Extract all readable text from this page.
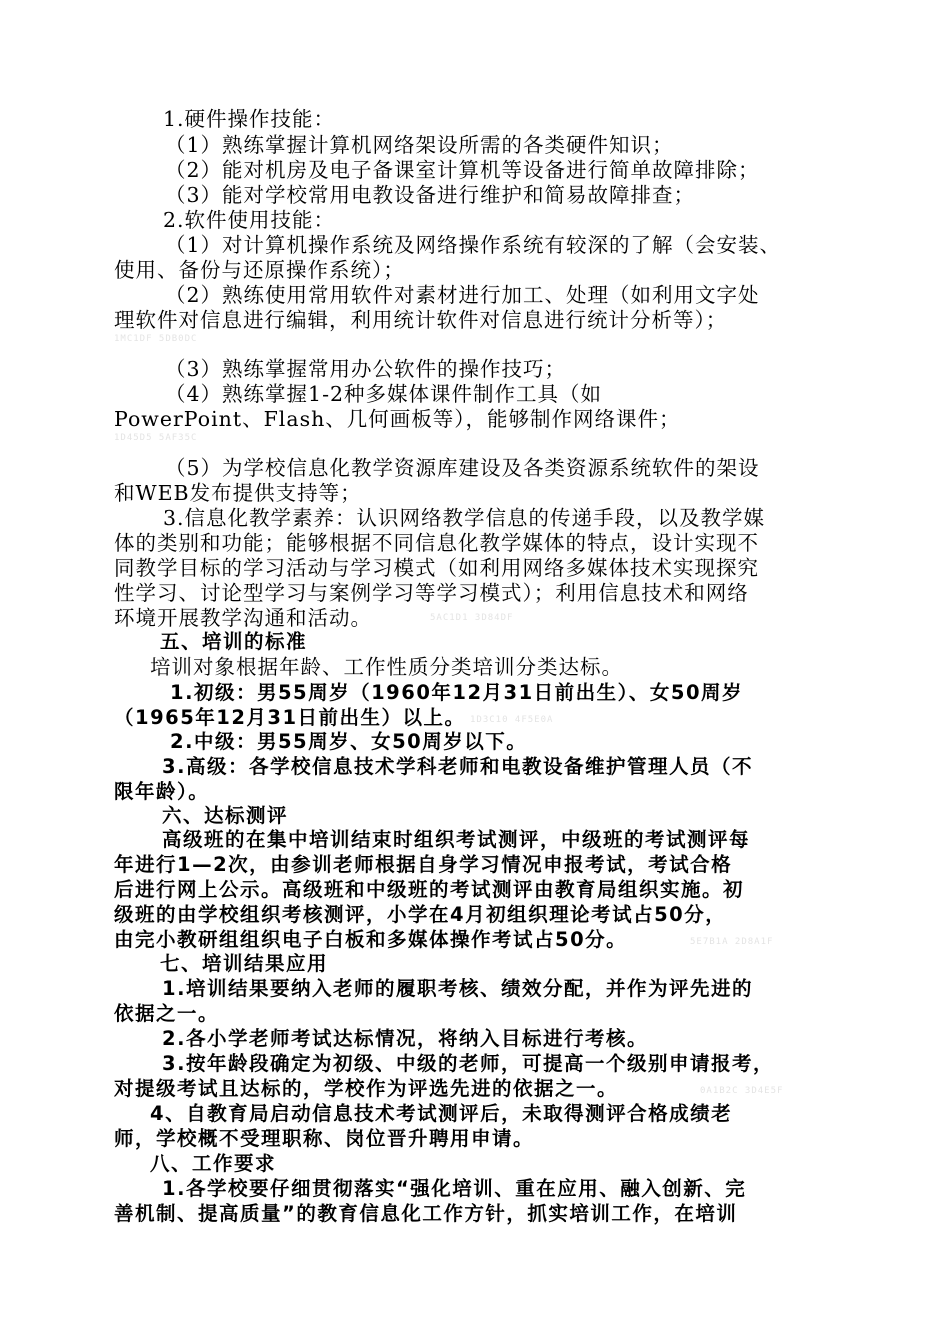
1.硬件操作技能：
（1）熟练掌握计算机网络架设所需的各类硬件知识；
（2）能对机房及电子备课室计算机等设备进行简单故障排除；
（3）能对学校常用电教设备进行维护和简易故障排查；
2.软件使用技能：
（1）对计算机操作系统及网络操作系统有较深的了解（会安装、
使用、备份与还原操作系统）；
（2）熟练使用常用软件对素材进行加工、处理（如利用文字处
理软件对信息进行编辑，利用统计软件对信息进行统计分析等）；
1MC1DF 5DB0DC
（3）熟练掌握常用办公软件的操作技巧；
（4）熟练掌握1-2种多媒体课件制作工具（如
PowerPoint、Flash、几何画板等），能够制作网络课件；
1D45D5 5AF35C
（5）为学校信息化教学资源库建设及各类资源系统软件的架设
和WEB发布提供支持等；
3.信息化教学素养：认识网络教学信息的传递手段，以及教学媒
体的类别和功能；能够根据不同信息化教学媒体的特点，设计实现不
同教学目标的学习活动与学习模式（如利用网络多媒体技术实现探究
性学习、讨论型学习与案例学习等学习模式）；利用信息技术和网络
环境开展教学沟通和活动。	5AC1D1 3D84DF
五、培训的标准
培训对象根据年龄、工作性质分类培训分类达标。
1.初级：男55周岁（1960年12月31日前出生）、女50周岁
（1965年12月31日前出生）以上。 1D3C10 4F5E0A
2.中级：男55周岁、女50周岁以下。
3.高级：各学校信息技术学科老师和电教设备维护管理人员（不
限年龄）。
六、达标测评
高级班的在集中培训结束时组织考试测评，中级班的考试测评每
年进行1—2次，由参训老师根据自身学习情况申报考试，考试合格
后进行网上公示。高级班和中级班的考试测评由教育局组织实施。初
级班的由学校组织考核测评，小学在4月初组织理论考试占50分，
由完小教研组组织电子白板和多媒体操作考试占50分。	5E7B1A 2D8A1F
七、培训结果应用
1.培训结果要纳入老师的履职考核、绩效分配，并作为评先进的
依据之一。
2.各小学老师考试达标情况，将纳入目标进行考核。
3.按年龄段确定为初级、中级的老师，可提高一个级别申请报考，
对提级考试且达标的，学校作为评选先进的依据之一。	0A1B2C 3D4E5F
4、自教育局启动信息技术考试测评后，未取得测评合格成绩老
师，学校概不受理职称、岗位晋升聘用申请。
八、工作要求
1.各学校要仔细贯彻落实“强化培训、重在应用、融入创新、完
善机制、提高质量”的教育信息化工作方针，抓实培训工作，在培训
